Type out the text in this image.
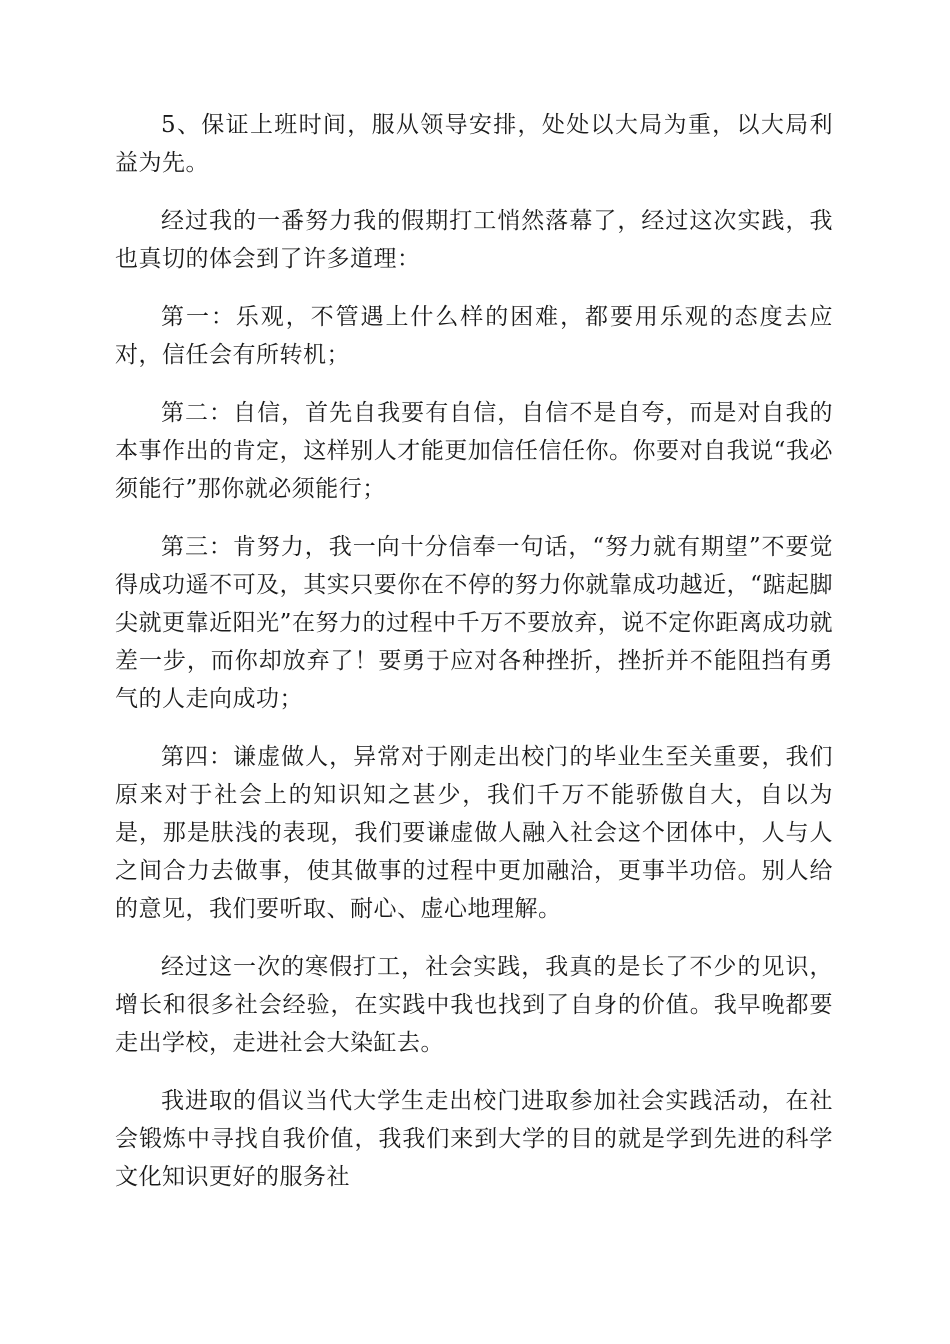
5、保证上班时间，服从领导安排，处处以大局为重，以大局利益为先。

经过我的一番努力我的假期打工悄然落幕了，经过这次实践，我也真切的体会到了许多道理：

第一：乐观，不管遇上什么样的困难，都要用乐观的态度去应对，信任会有所转机；

第二：自信，首先自我要有自信，自信不是自夸，而是对自我的本事作出的肯定，这样别人才能更加信任信任你。你要对自我说“我必须能行”那你就必须能行；

第三：肯努力，我一向十分信奉一句话，“努力就有期望”不要觉得成功遥不可及，其实只要你在不停的努力你就靠成功越近，“踮起脚尖就更靠近阳光”在努力的过程中千万不要放弃，说不定你距离成功就差一步，而你却放弃了！要勇于应对各种挫折，挫折并不能阻挡有勇气的人走向成功；

第四：谦虚做人，异常对于刚走出校门的毕业生至关重要，我们原来对于社会上的知识知之甚少，我们千万不能骄傲自大，自以为是，那是肤浅的表现，我们要谦虚做人融入社会这个团体中，人与人之间合力去做事，使其做事的过程中更加融洽，更事半功倍。别人给的意见，我们要听取、耐心、虚心地理解。

经过这一次的寒假打工，社会实践，我真的是长了不少的见识，增长和很多社会经验，在实践中我也找到了自身的价值。我早晚都要走出学校，走进社会大染缸去。

我进取的倡议当代大学生走出校门进取参加社会实践活动，在社会锻炼中寻找自我价值，我我们来到大学的目的就是学到先进的科学文化知识更好的服务社
